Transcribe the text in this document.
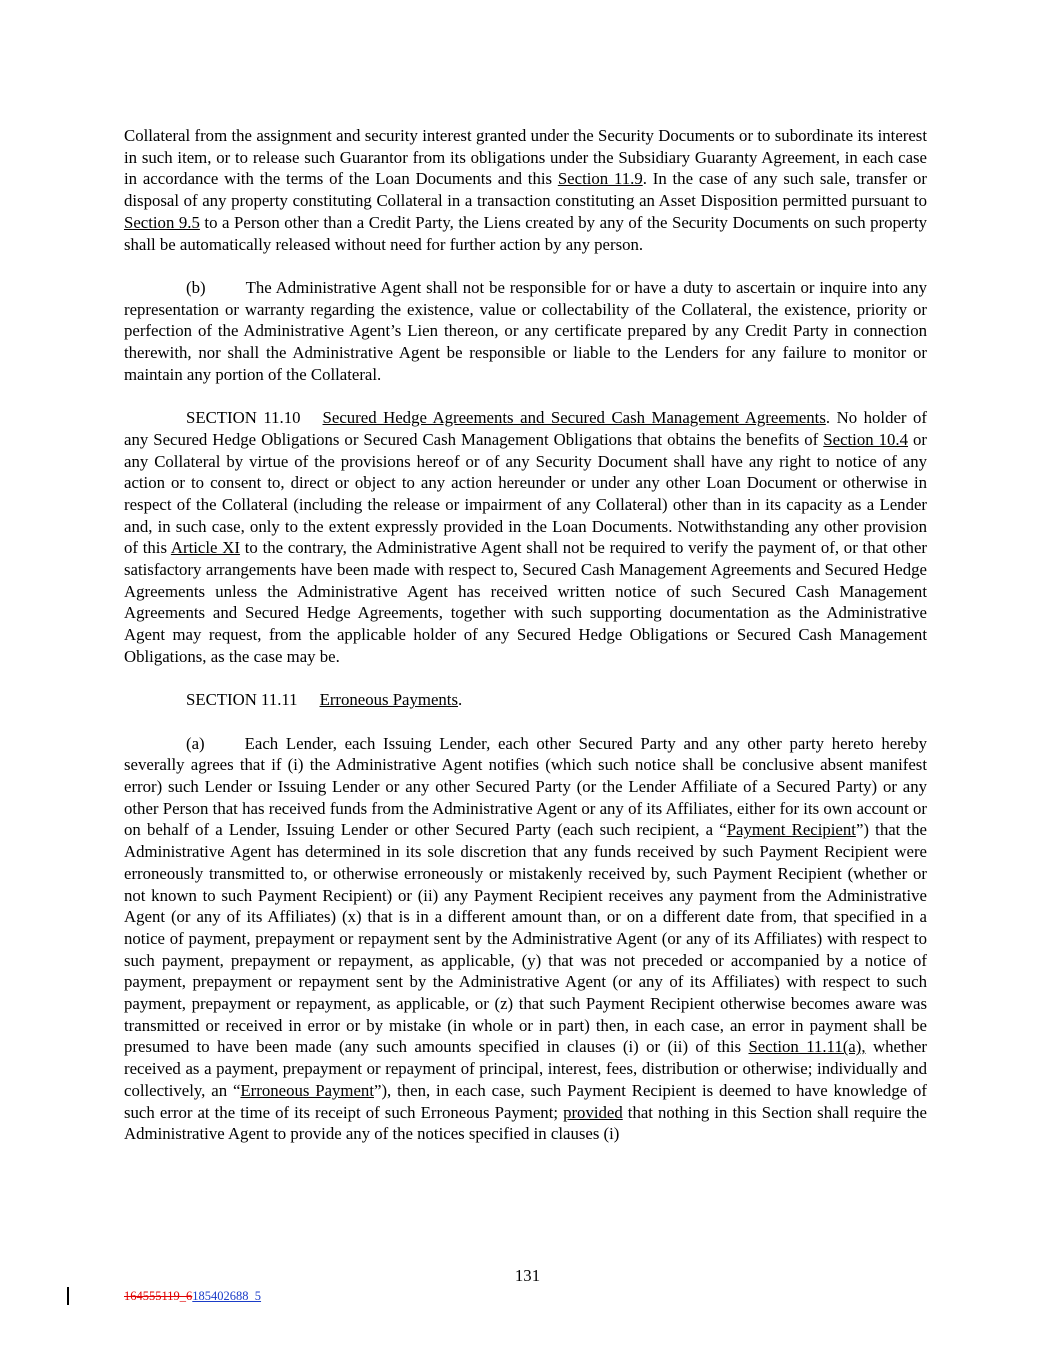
Collateral from the assignment and security interest granted under the Security Documents or to subordinate its interest in such item, or to release such Guarantor from its obligations under the Subsidiary Guaranty Agreement, in each case in accordance with the terms of the Loan Documents and this Section 11.9. In the case of any such sale, transfer or disposal of any property constituting Collateral in a transaction constituting an Asset Disposition permitted pursuant to Section 9.5 to a Person other than a Credit Party, the Liens created by any of the Security Documents on such property shall be automatically released without need for further action by any person.

(b) The Administrative Agent shall not be responsible for or have a duty to ascertain or inquire into any representation or warranty regarding the existence, value or collectability of the Collateral, the existence, priority or perfection of the Administrative Agent’s Lien thereon, or any certificate prepared by any Credit Party in connection therewith, nor shall the Administrative Agent be responsible or liable to the Lenders for any failure to monitor or maintain any portion of the Collateral.

SECTION 11.10 Secured Hedge Agreements and Secured Cash Management Agreements. No holder of any Secured Hedge Obligations or Secured Cash Management Obligations that obtains the benefits of Section 10.4 or any Collateral by virtue of the provisions hereof or of any Security Document shall have any right to notice of any action or to consent to, direct or object to any action hereunder or under any other Loan Document or otherwise in respect of the Collateral (including the release or impairment of any Collateral) other than in its capacity as a Lender and, in such case, only to the extent expressly provided in the Loan Documents. Notwithstanding any other provision of this Article XI to the contrary, the Administrative Agent shall not be required to verify the payment of, or that other satisfactory arrangements have been made with respect to, Secured Cash Management Agreements and Secured Hedge Agreements unless the Administrative Agent has received written notice of such Secured Cash Management Agreements and Secured Hedge Agreements, together with such supporting documentation as the Administrative Agent may request, from the applicable holder of any Secured Hedge Obligations or Secured Cash Management Obligations, as the case may be.

SECTION 11.11 Erroneous Payments.

(a) Each Lender, each Issuing Lender, each other Secured Party and any other party hereto hereby severally agrees that if (i) the Administrative Agent notifies (which such notice shall be conclusive absent manifest error) such Lender or Issuing Lender or any other Secured Party (or the Lender Affiliate of a Secured Party) or any other Person that has received funds from the Administrative Agent or any of its Affiliates, either for its own account or on behalf of a Lender, Issuing Lender or other Secured Party (each such recipient, a “Payment Recipient”) that the Administrative Agent has determined in its sole discretion that any funds received by such Payment Recipient were erroneously transmitted to, or otherwise erroneously or mistakenly received by, such Payment Recipient (whether or not known to such Payment Recipient) or (ii) any Payment Recipient receives any payment from the Administrative Agent (or any of its Affiliates) (x) that is in a different amount than, or on a different date from, that specified in a notice of payment, prepayment or repayment sent by the Administrative Agent (or any of its Affiliates) with respect to such payment, prepayment or repayment, as applicable, (y) that was not preceded or accompanied by a notice of payment, prepayment or repayment sent by the Administrative Agent (or any of its Affiliates) with respect to such payment, prepayment or repayment, as applicable, or (z) that such Payment Recipient otherwise becomes aware was transmitted or received in error or by mistake (in whole or in part) then, in each case, an error in payment shall be presumed to have been made (any such amounts specified in clauses (i) or (ii) of this Section 11.11(a), whether received as a payment, prepayment or repayment of principal, interest, fees, distribution or otherwise; individually and collectively, an “Erroneous Payment”), then, in each case, such Payment Recipient is deemed to have knowledge of such error at the time of its receipt of such Erroneous Payment; provided that nothing in this Section shall require the Administrative Agent to provide any of the notices specified in clauses (i)

131
164555119_6185402688_5
